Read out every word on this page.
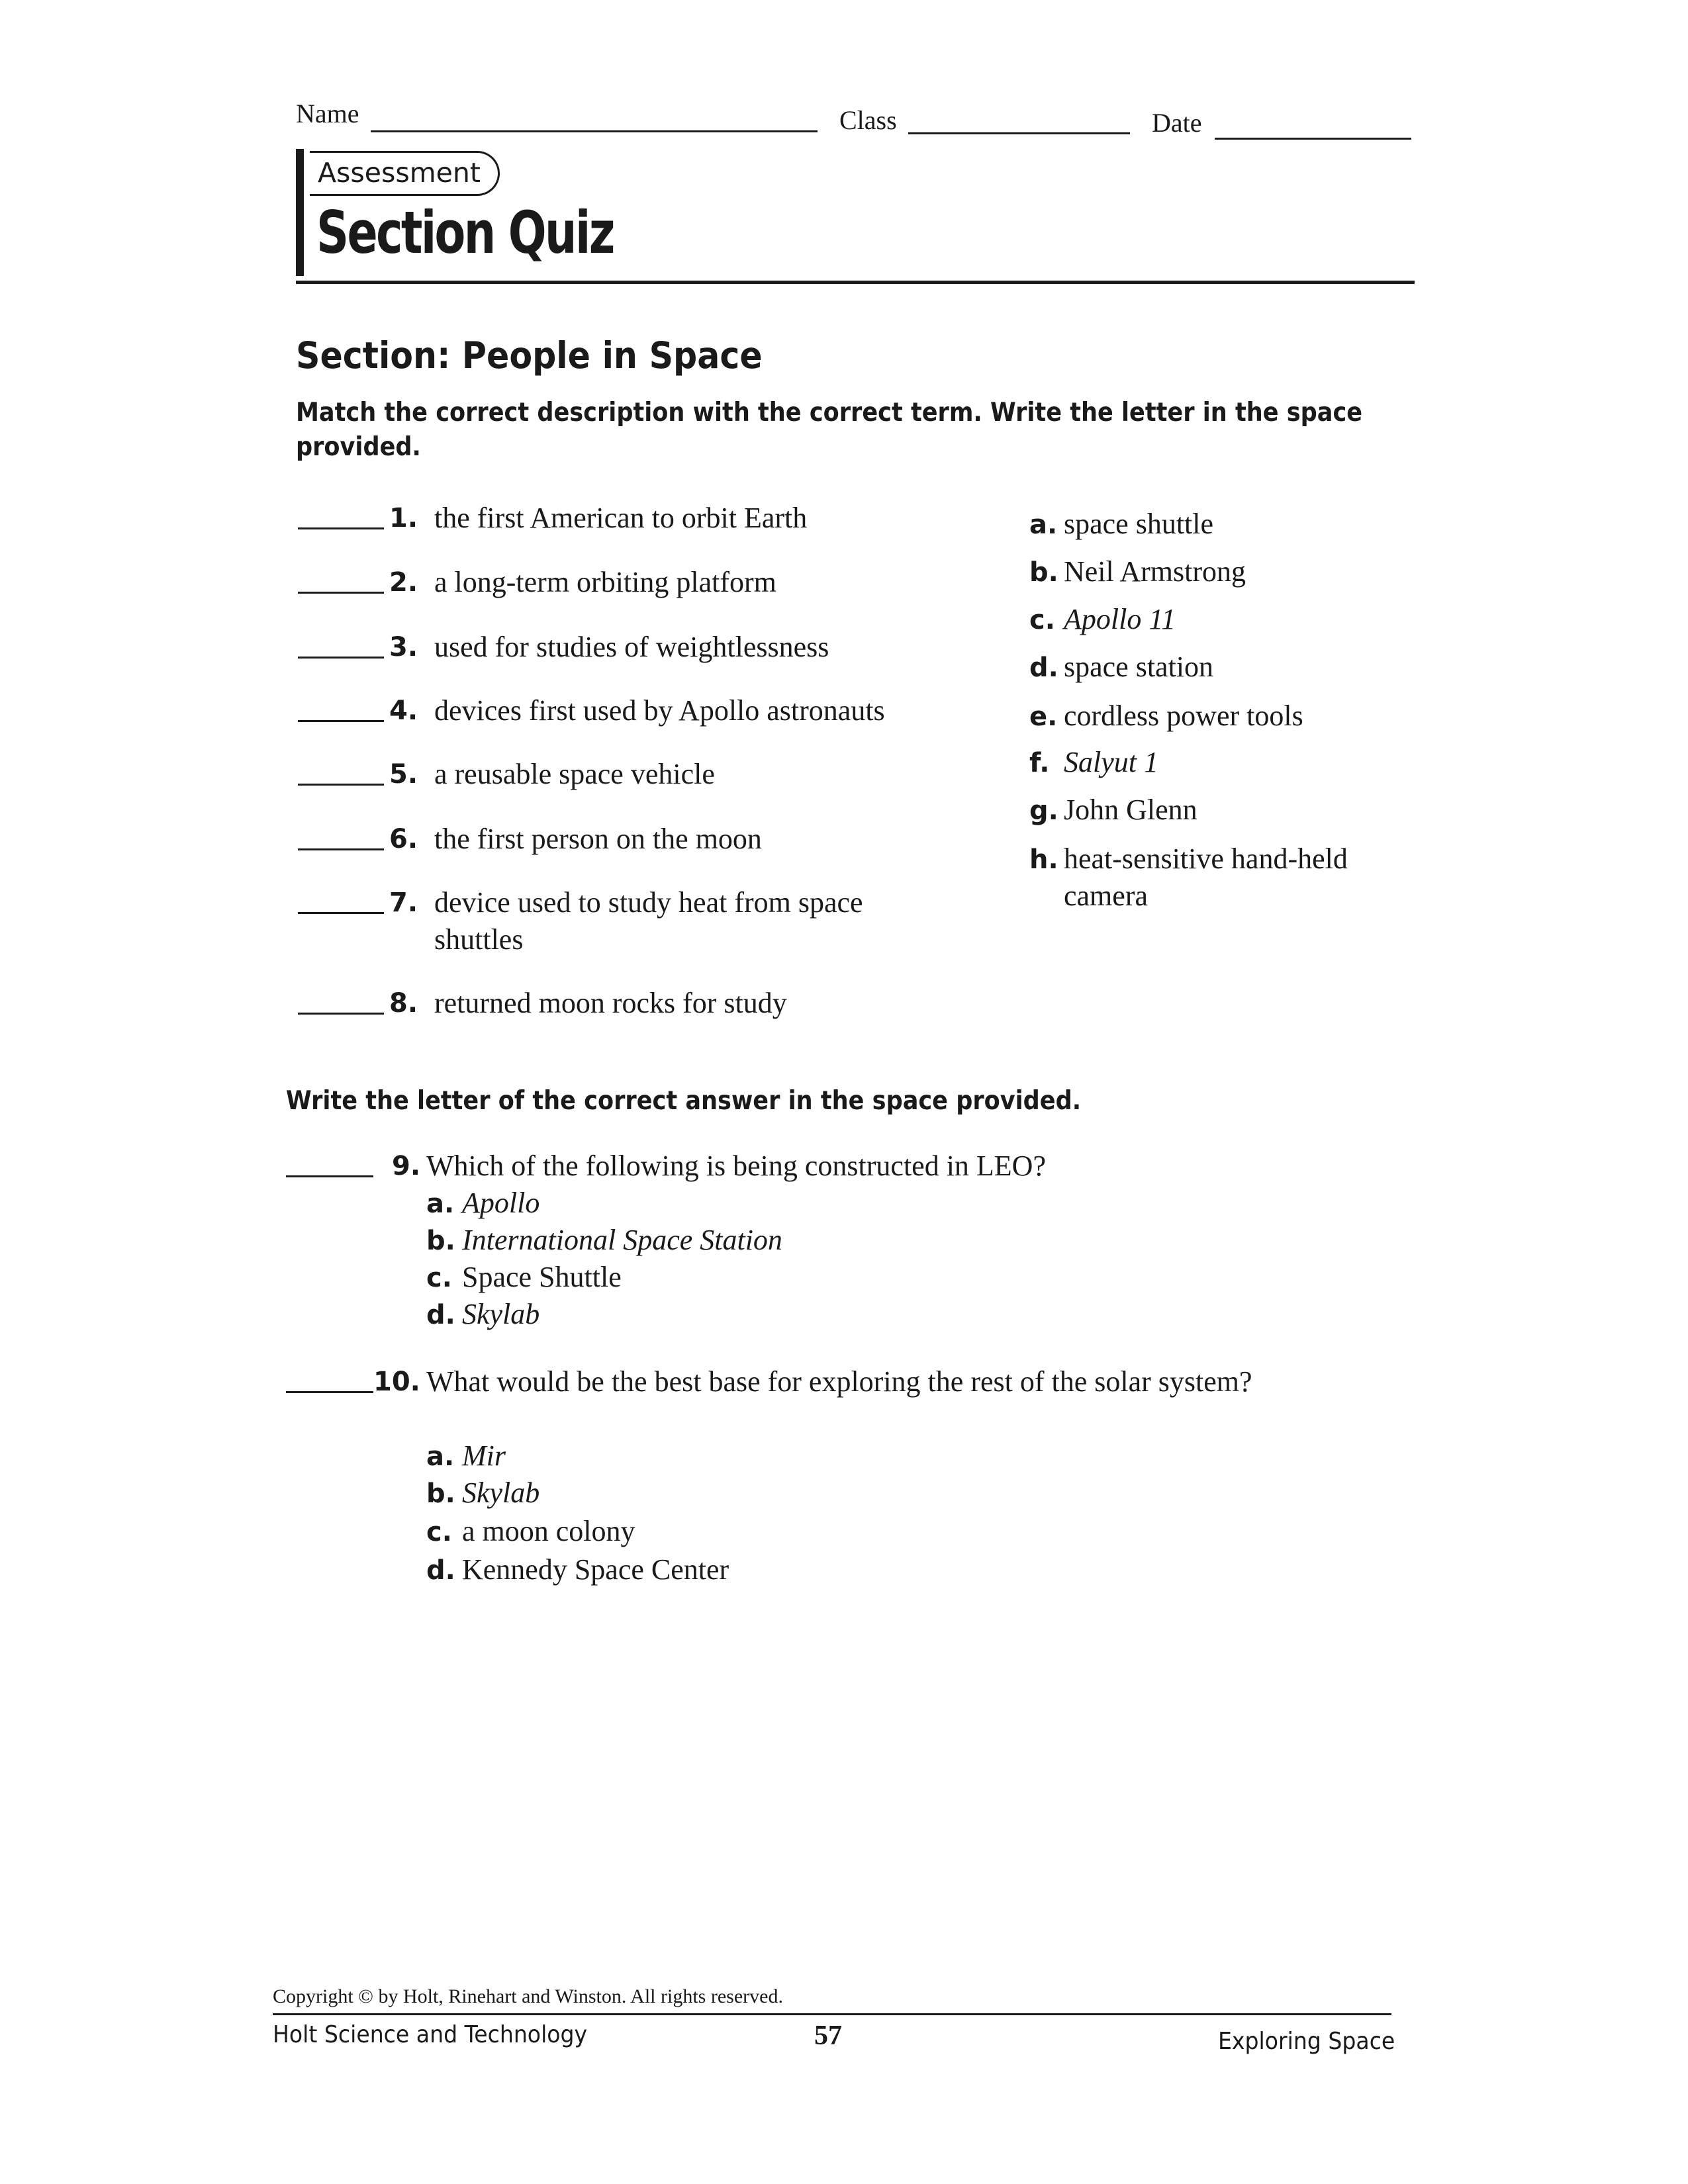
Name	Class	Date
Assessment
Section Quiz
Section: People in Space
Match the correct description with the correct term. Write the letter in the space
provided.
1. the first American to orbit Earth
2. a long-term orbiting platform
3. used for studies of weightlessness
4. devices first used by Apollo astronauts
5. a reusable space vehicle
6. the first person on the moon
7. device used to study heat from space shuttles
8. returned moon rocks for study
a. space shuttle
b. Neil Armstrong
c. Apollo 11
d. space station
e. cordless power tools
f. Salyut 1
g. John Glenn
h. heat-sensitive hand-held camera
Write the letter of the correct answer in the space provided.
9. Which of the following is being constructed in LEO?
a. Apollo
b. International Space Station
c. Space Shuttle
d. Skylab
10. What would be the best base for exploring the rest of the solar system?
a. Mir
b. Skylab
c. a moon colony
d. Kennedy Space Center
Copyright © by Holt, Rinehart and Winston. All rights reserved.
Holt Science and Technology	57	Exploring Space
